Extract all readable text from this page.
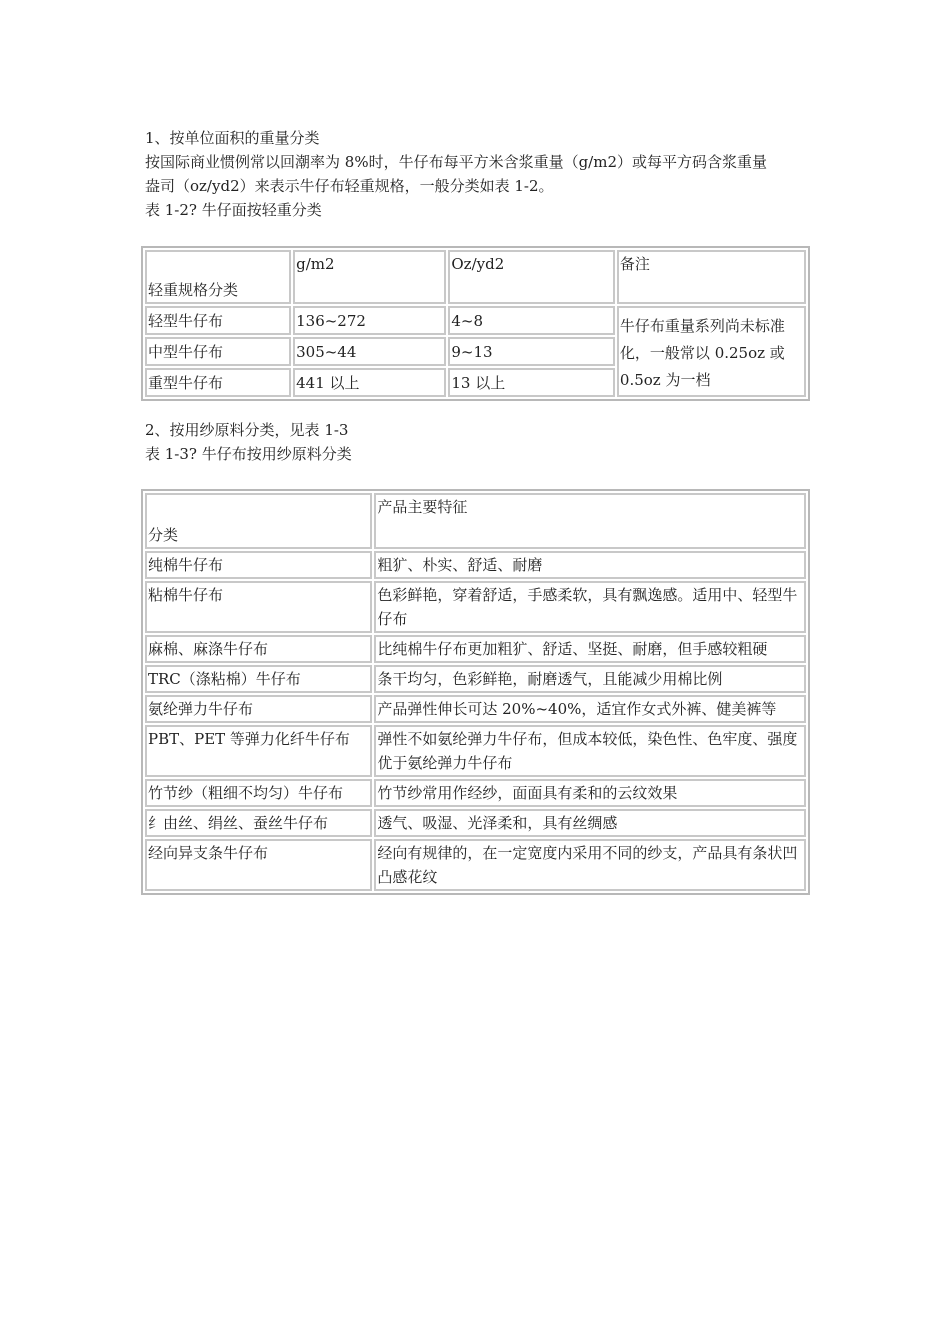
1、按单位面积的重量分类
按国际商业惯例常以回潮率为 8%时，牛仔布每平方米含浆重量（g/m2）或每平方码含浆重量
盎司（oz/yd2）来表示牛仔布轻重规格，一般分类如表 1-2。
表 1-2? 牛仔面按轻重分类
轻重规格分类	g/m2	Oz/yd2	备注
轻型牛仔布	136~272	4~8	牛仔布重量系列尚未标准化，一般常以 0.25oz 或 0.5oz 为一档
中型牛仔布	305~44	9~13	
重型牛仔布	441 以上	13 以上	
2、按用纱原料分类，见表 1-3
表 1-3? 牛仔布按用纱原料分类
分类	产品主要特征
纯棉牛仔布	粗犷、朴实、舒适、耐磨
粘棉牛仔布	色彩鲜艳，穿着舒适，手感柔软，具有飘逸感。适用中、轻型牛仔布
麻棉、麻涤牛仔布	比纯棉牛仔布更加粗犷、舒适、坚挺、耐磨，但手感较粗硬
TRC（涤粘棉）牛仔布	条干均匀，色彩鲜艳，耐磨透气，且能减少用棉比例
氨纶弹力牛仔布	产品弹性伸长可达 20%~40%，适宜作女式外裤、健美裤等
PBT、PET 等弹力化纤牛仔布	弹性不如氨纶弹力牛仔布，但成本较低，染色性、色牢度、强度优于氨纶弹力牛仔布
竹节纱（粗细不均匀）牛仔布	竹节纱常用作经纱，面面具有柔和的云纹效果
纟由丝、绢丝、蚕丝牛仔布	透气、吸湿、光泽柔和，具有丝绸感
经向异支条牛仔布	经向有规律的，在一定宽度内采用不同的纱支，产品具有条状凹凸感花纹
